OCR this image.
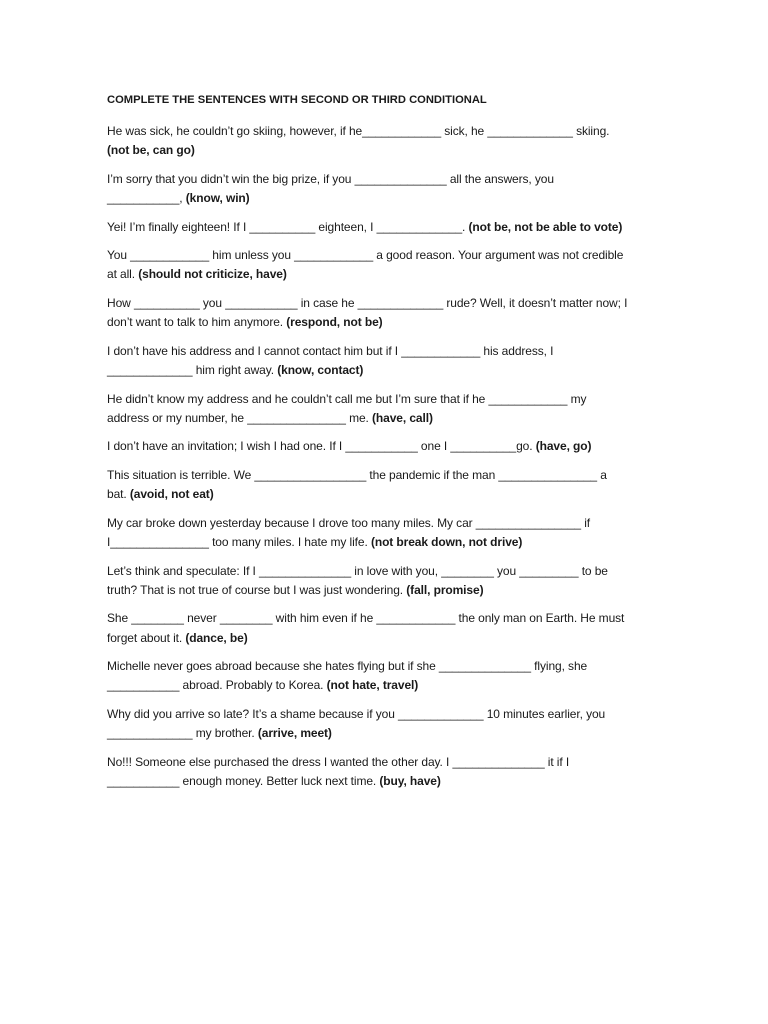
COMPLETE THE SENTENCES WITH SECOND OR THIRD CONDITIONAL
He was sick, he couldn’t go skiing, however, if he____________ sick, he _____________ skiing.
(not be, can go)
I’m sorry that you didn’t win the big prize, if you ______________ all the answers, you
___________, (know, win)
Yei! I’m finally eighteen! If I __________ eighteen, I _____________. (not be, not be able to vote)
You ____________ him unless you ____________ a good reason. Your argument was not credible
at all. (should not criticize, have)
How __________ you ___________ in case he _____________ rude? Well, it doesn’t matter now; I
don’t want to talk to him anymore. (respond, not be)
I don’t have his address and I cannot contact him but if I ____________ his address, I
_____________ him right away. (know, contact)
He didn’t know my address and he couldn’t call me but I’m sure that if he ____________ my
address or my number, he _______________ me. (have, call)
I don’t have an invitation; I wish I had one. If I ___________ one I __________go. (have, go)
This situation is terrible. We _________________ the pandemic if the man _______________ a
bat. (avoid, not eat)
My car broke down yesterday because I drove too many miles. My car ________________ if
I_______________ too many miles. I hate my life. (not break down, not drive)
Let’s think and speculate: If I ______________ in love with you, ________ you _________ to be
truth? That is not true of course but I was just wondering. (fall, promise)
She ________ never ________ with him even if he ____________ the only man on Earth. He must
forget about it. (dance, be)
Michelle never goes abroad because she hates flying but if she ______________ flying, she
___________ abroad. Probably to Korea. (not hate, travel)
Why did you arrive so late? It’s a shame because if you _____________ 10 minutes earlier, you
_____________ my brother. (arrive, meet)
No!!! Someone else purchased the dress I wanted the other day. I ______________ it if I
___________ enough money. Better luck next time. (buy, have)
